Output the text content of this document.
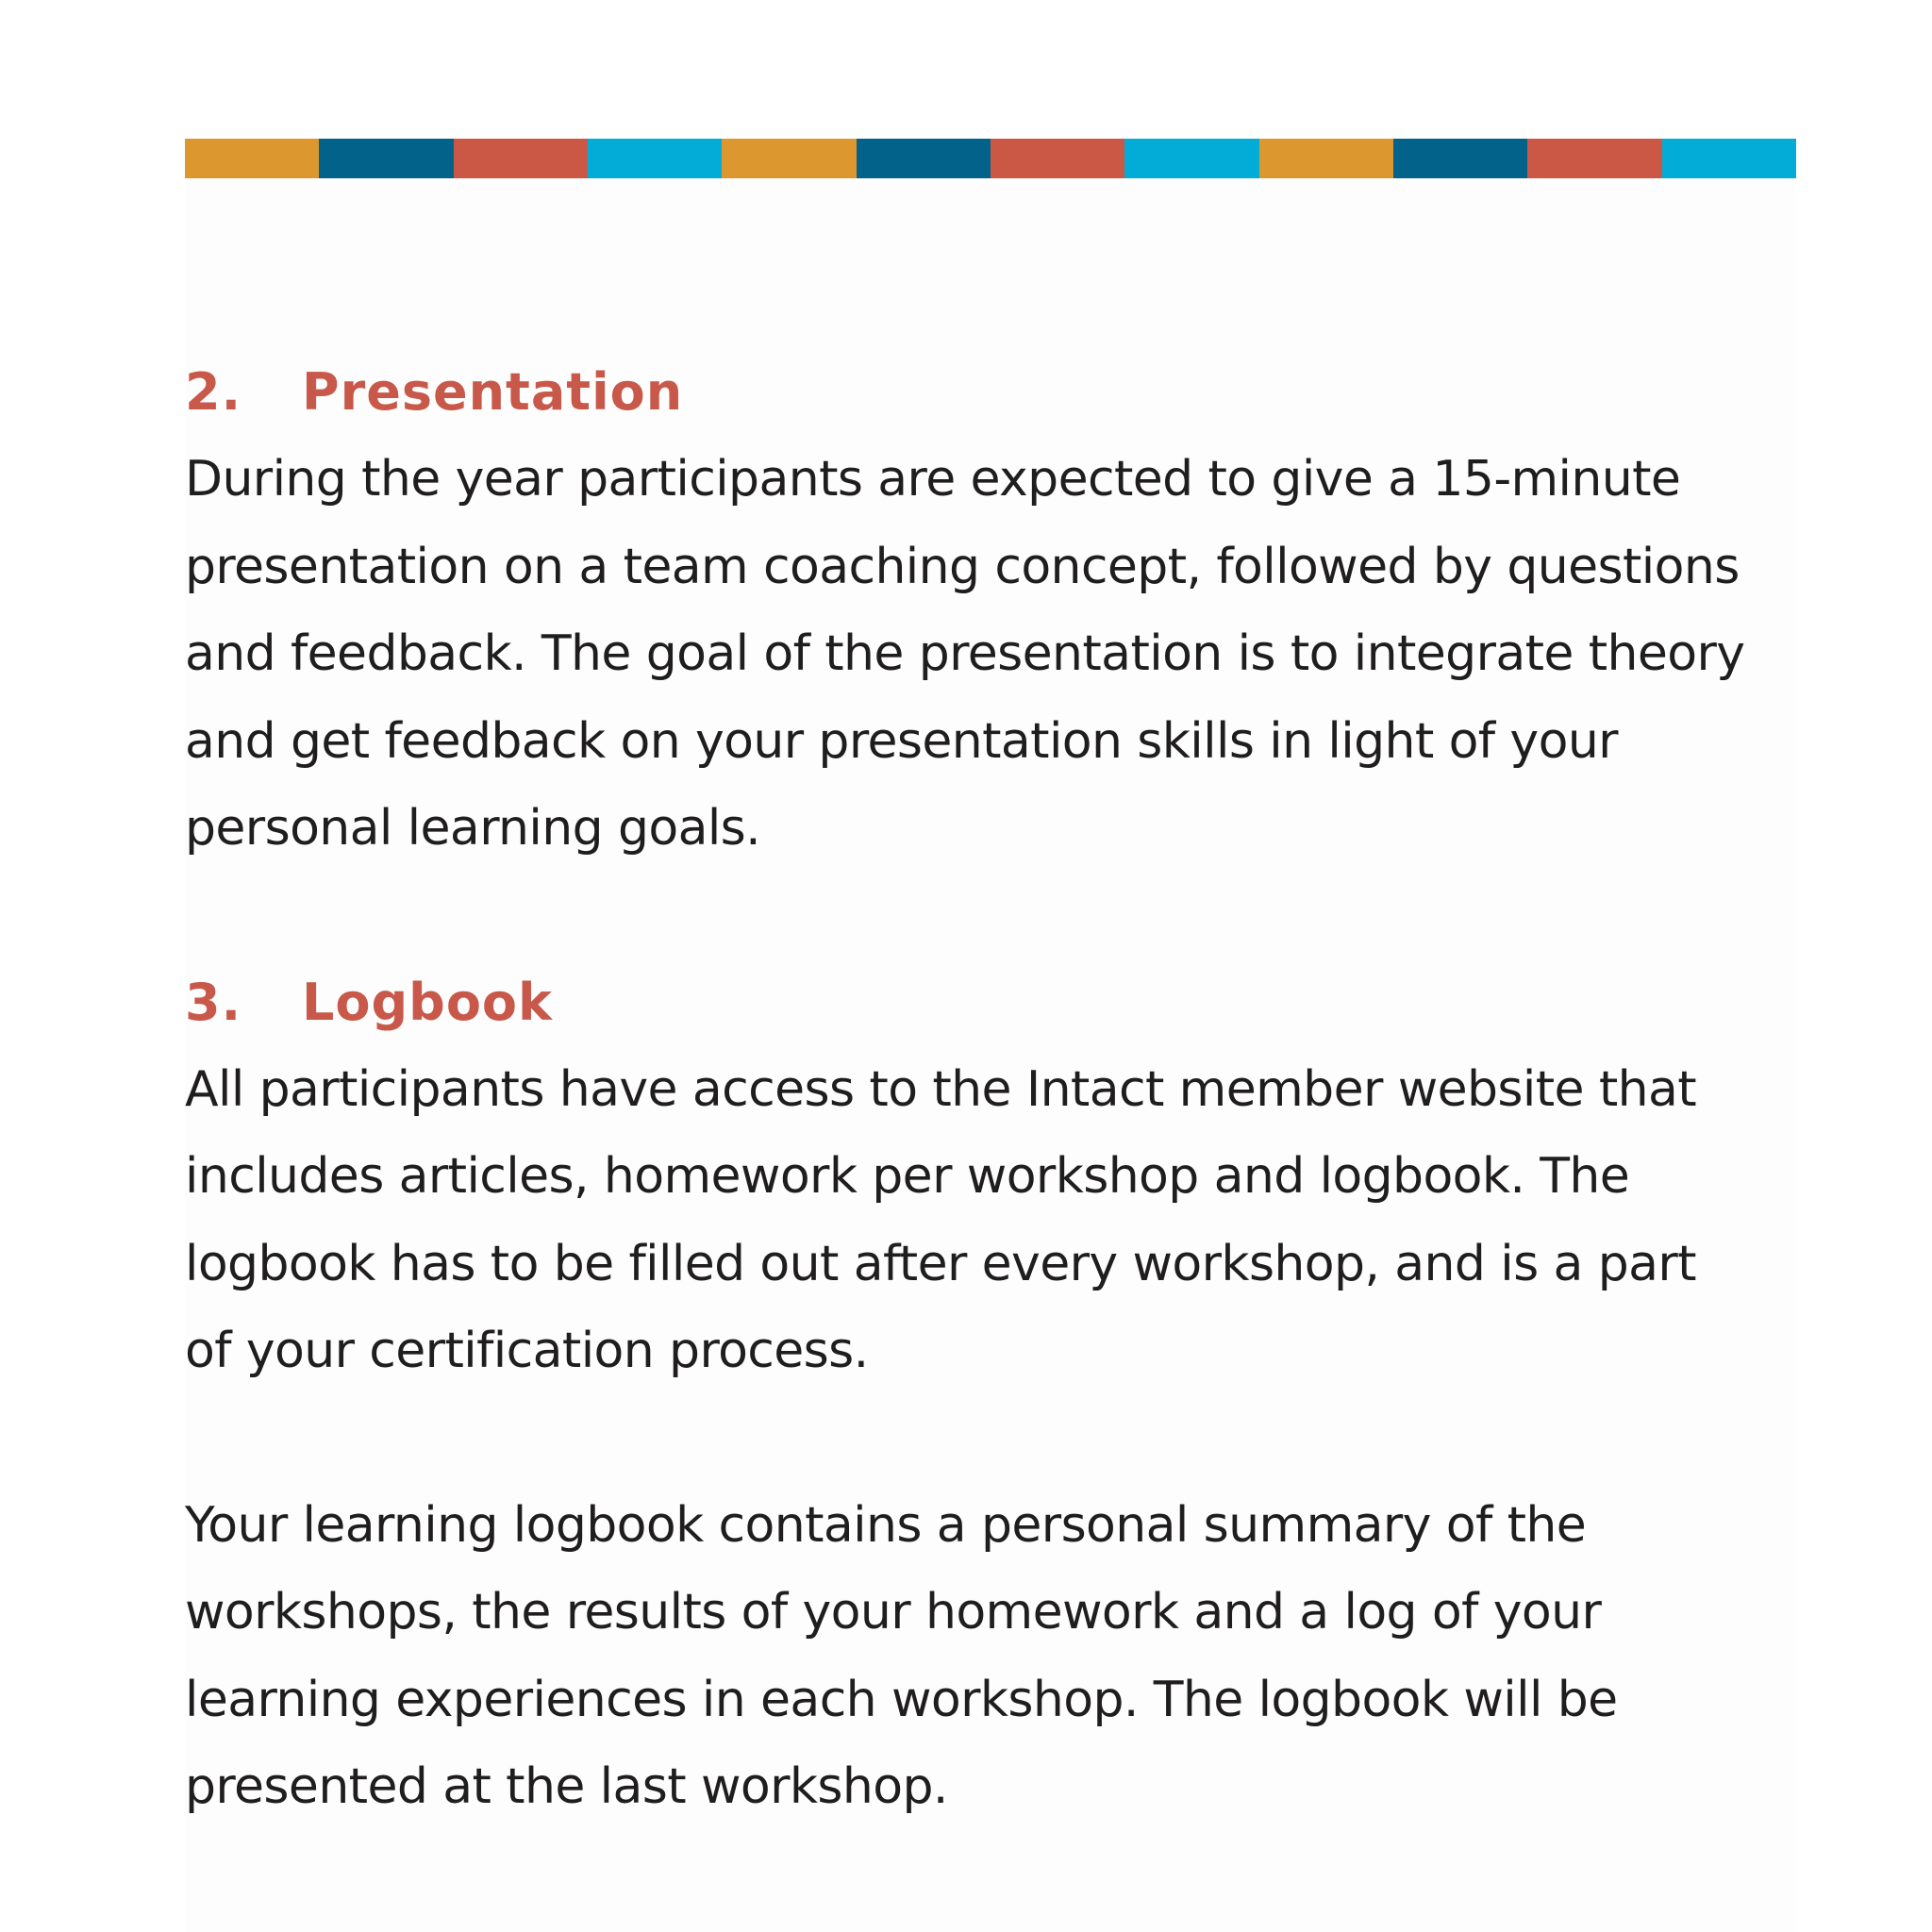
2.	Presentation

During the year participants are expected to give a 15-minute
presentation on a team coaching concept, followed by questions
and feedback. The goal of the presentation is to integrate theory
and get feedback on your presentation skills in light of your
personal learning goals.

3.	Logbook

All participants have access to the Intact member website that
includes articles, homework per workshop and logbook. The
logbook has to be filled out after every workshop, and is a part
of your certification process.

Your learning logbook contains a personal summary of the
workshops, the results of your homework and a log of your
learning experiences in each workshop. The logbook will be
presented at the last workshop.
